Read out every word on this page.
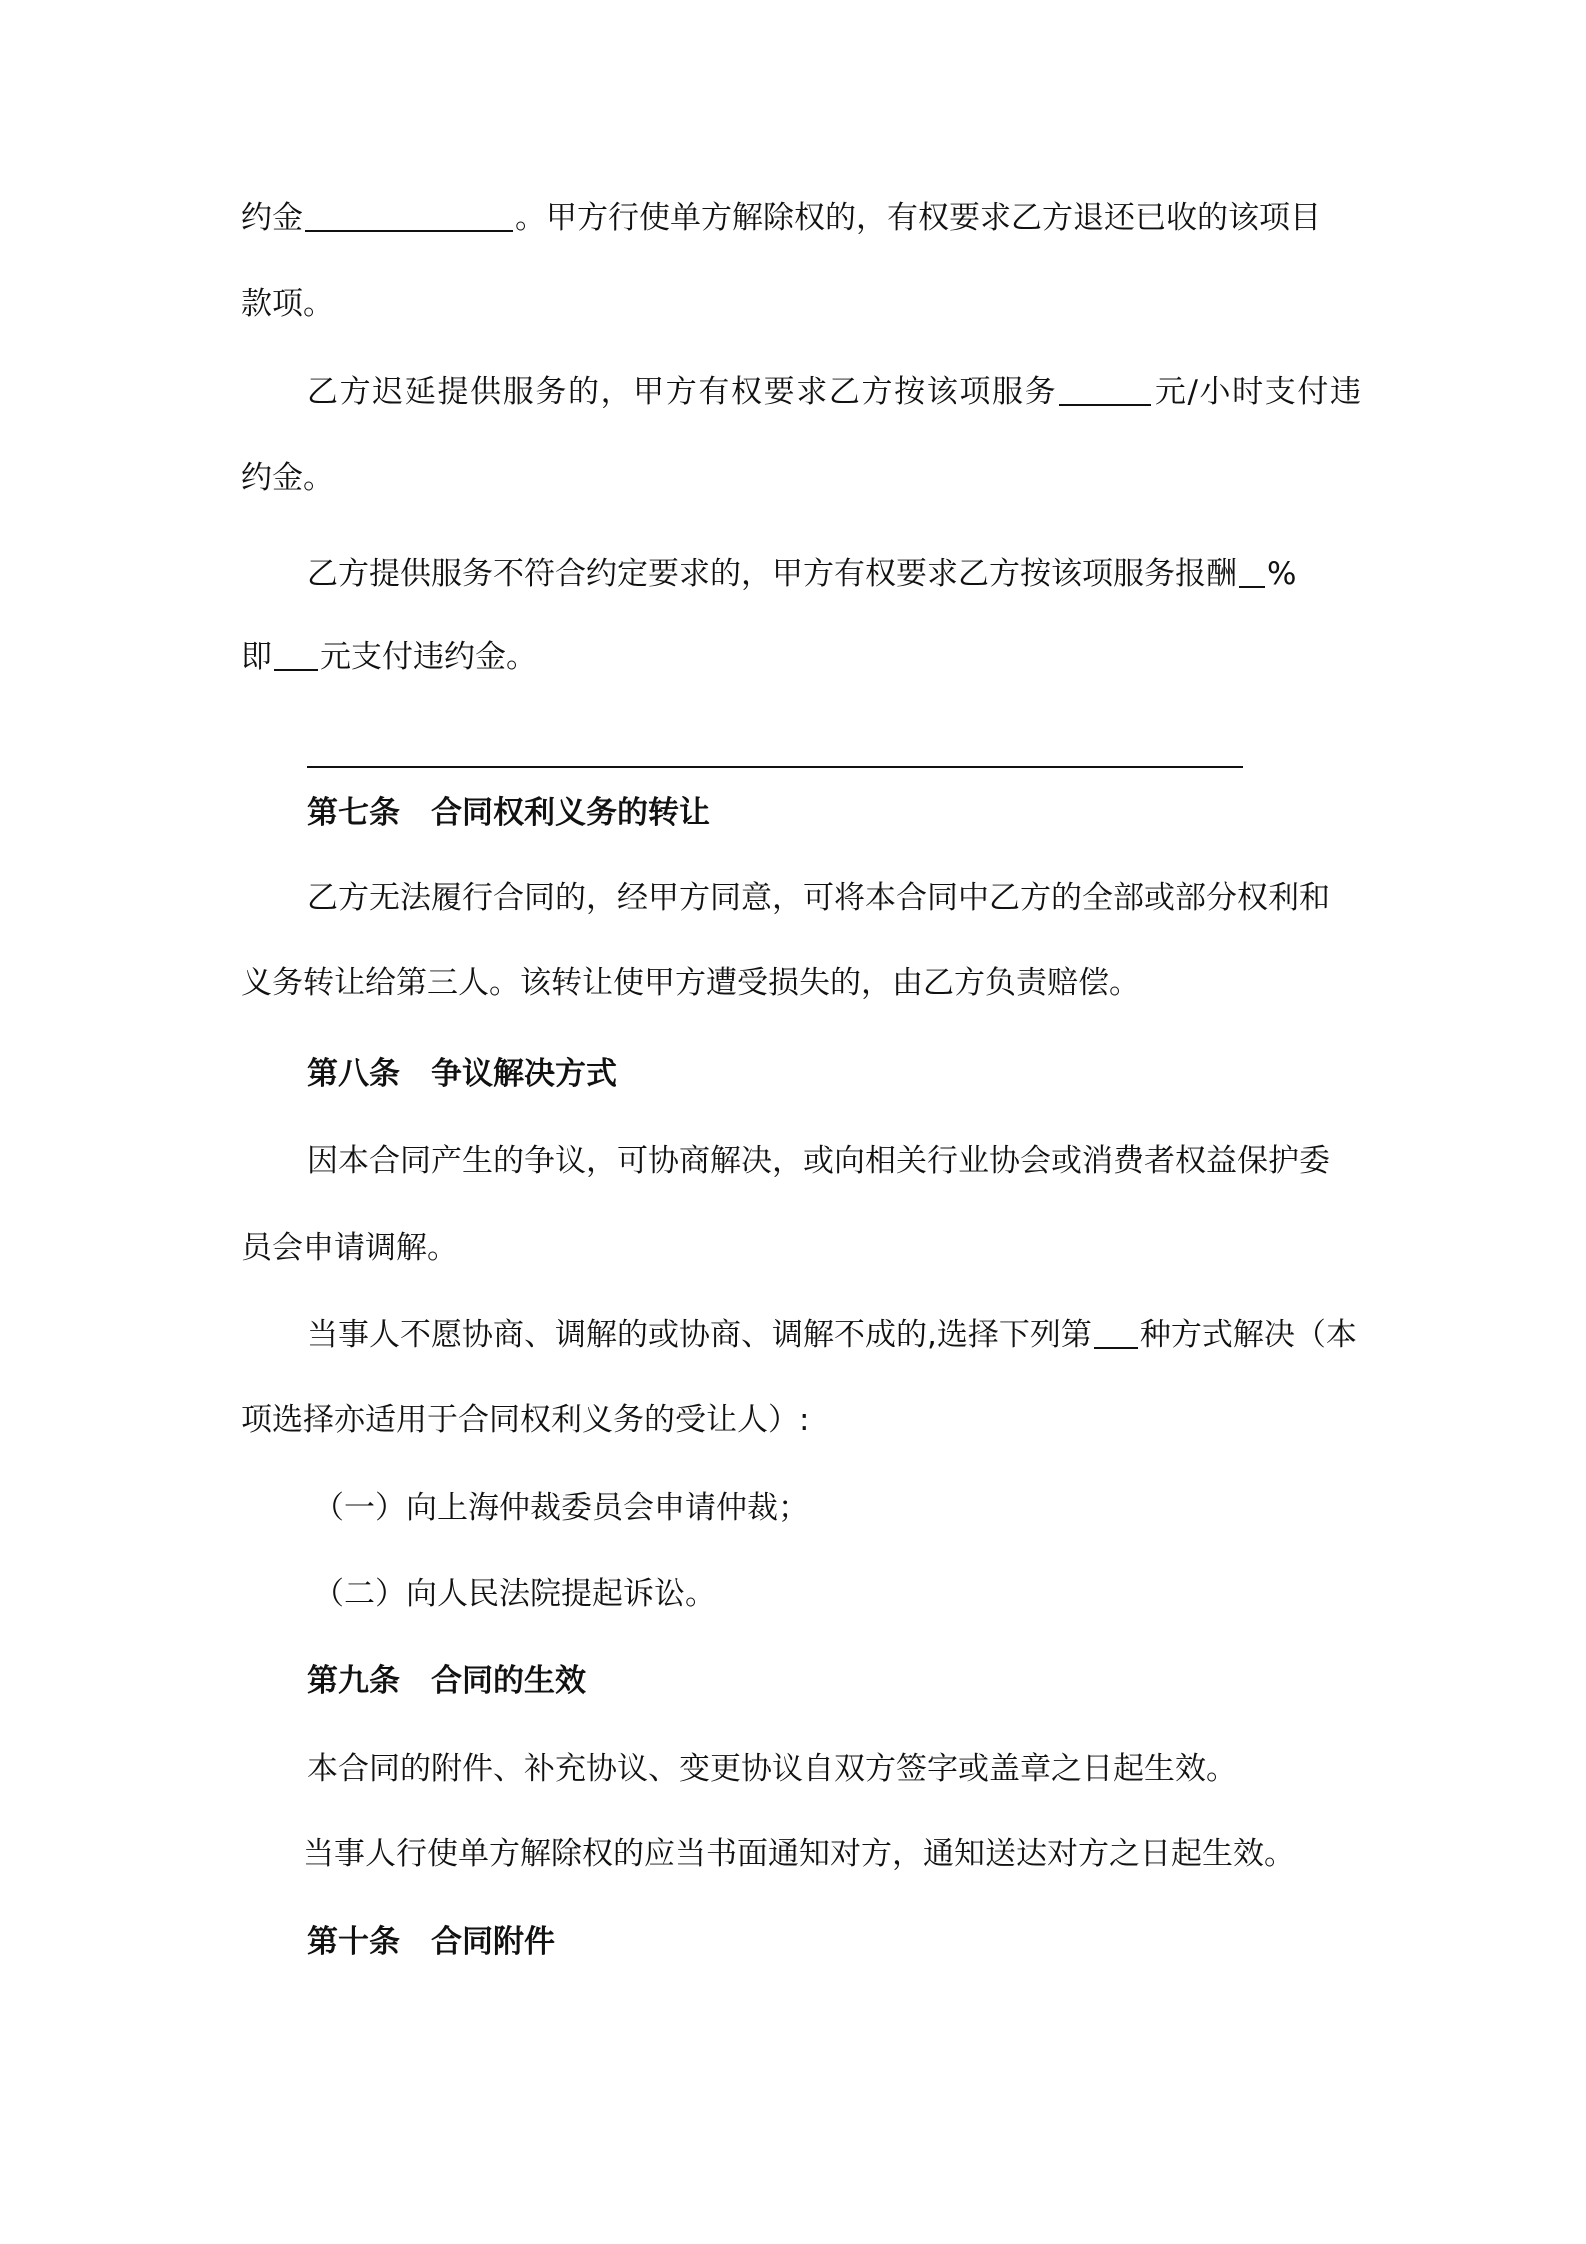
约金	。甲方行使单方解除权的，有权要求乙方退还已收的该项目
款项。
乙方迟延提供服务的，甲方有权要求乙方按该项服务	元/小时支付违
约金。
乙方提供服务不符合约定要求的，甲方有权要求乙方按该项服务报酬 %
即 元支付违约金。
第七条 合同权利义务的转让
乙方无法履行合同的，经甲方同意，可将本合同中乙方的全部或部分权利和
义务转让给第三人。该转让使甲方遭受损失的，由乙方负责赔偿。
第八条 争议解决方式
因本合同产生的争议，可协商解决，或向相关行业协会或消费者权益保护委
员会申请调解。
当事人不愿协商、调解的或协商、调解不成的,选择下列第 种方式解决（本
项选择亦适用于合同权利义务的受让人）:
（一）向上海仲裁委员会申请仲裁；
（二）向人民法院提起诉讼。
第九条 合同的生效
本合同的附件、补充协议、变更协议自双方签字或盖章之日起生效。
当事人行使单方解除权的应当书面通知对方，通知送达对方之日起生效。
第十条 合同附件
